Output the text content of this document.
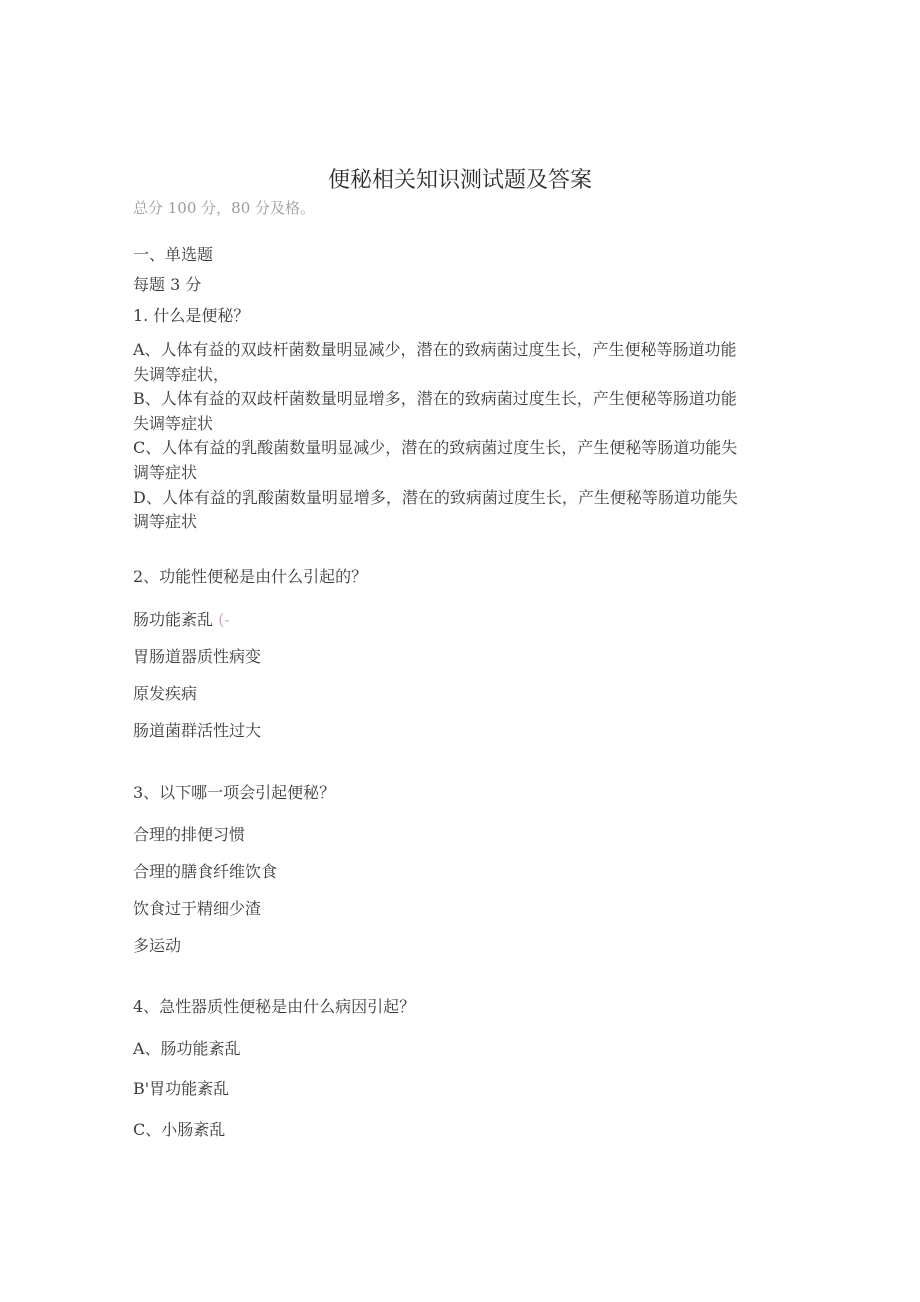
便秘相关知识测试题及答案
总分 100 分，80 分及格。
一、单选题
每题 3 分
1. 什么是便秘？
A、人体有益的双歧杆菌数量明显减少，潜在的致病菌过度生长，产生便秘等肠道功能
失调等症状，
B、人体有益的双歧杆菌数量明显增多，潜在的致病菌过度生长，产生便秘等肠道功能
失调等症状
C、人体有益的乳酸菌数量明显减少，潜在的致病菌过度生长，产生便秘等肠道功能失
调等症状
D、人体有益的乳酸菌数量明显增多，潜在的致病菌过度生长，产生便秘等肠道功能失
调等症状
2、功能性便秘是由什么引起的？
肠功能紊乱 (-
胃肠道器质性病变
原发疾病
肠道菌群活性过大
3、以下哪一项会引起便秘？
合理的排便习惯
合理的膳食纤维饮食
饮食过于精细少渣
多运动
4、急性器质性便秘是由什么病因引起？
A、肠功能紊乱
B'胃功能紊乱
C、小肠紊乱
